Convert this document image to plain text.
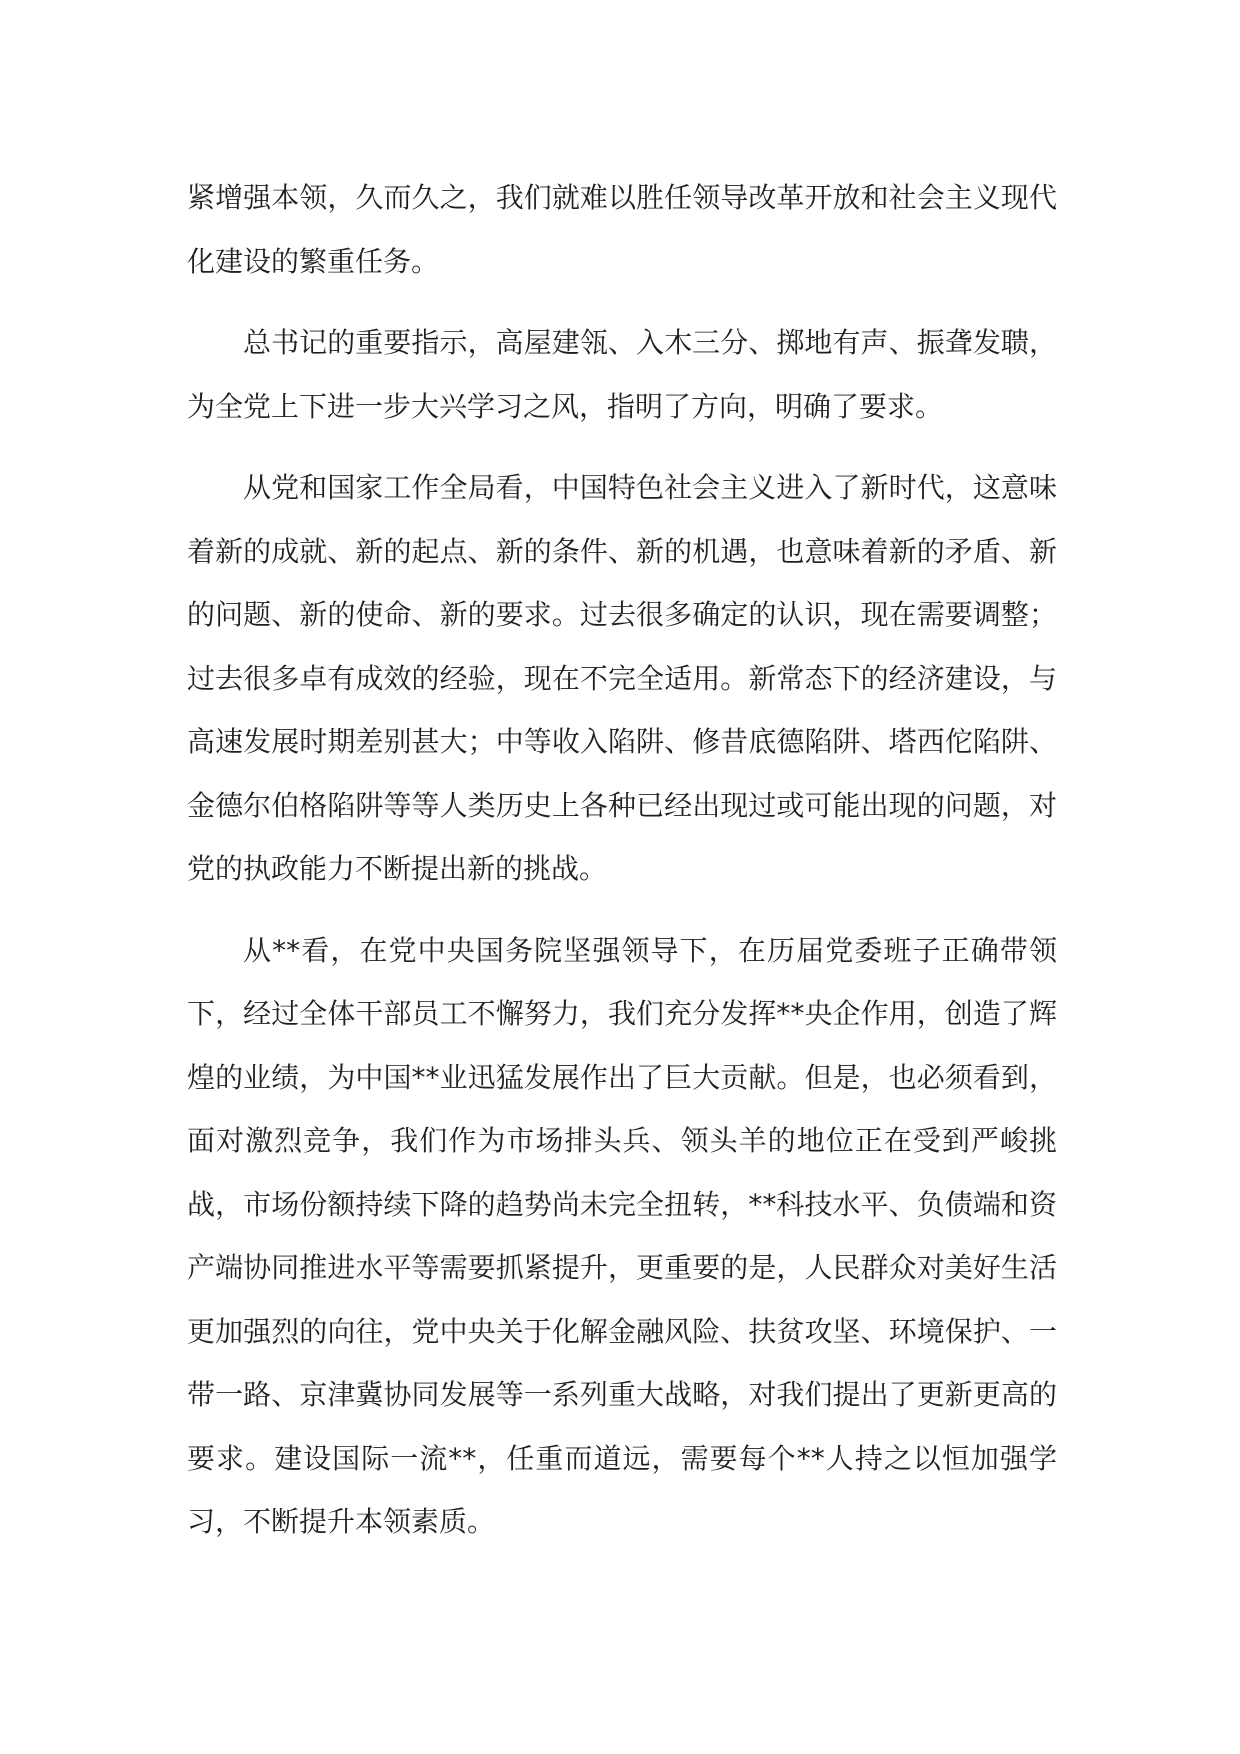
紧增强本领，久而久之，我们就难以胜任领导改革开放和社会主义现代化建设的繁重任务。

总书记的重要指示，高屋建瓴、入木三分、掷地有声、振聋发聩，为全党上下进一步大兴学习之风，指明了方向，明确了要求。

从党和国家工作全局看，中国特色社会主义进入了新时代，这意味着新的成就、新的起点、新的条件、新的机遇，也意味着新的矛盾、新的问题、新的使命、新的要求。过去很多确定的认识，现在需要调整；过去很多卓有成效的经验，现在不完全适用。新常态下的经济建设，与高速发展时期差别甚大；中等收入陷阱、修昔底德陷阱、塔西佗陷阱、金德尔伯格陷阱等等人类历史上各种已经出现过或可能出现的问题，对党的执政能力不断提出新的挑战。

从**看，在党中央国务院坚强领导下，在历届党委班子正确带领下，经过全体干部员工不懈努力，我们充分发挥**央企作用，创造了辉煌的业绩，为中国**业迅猛发展作出了巨大贡献。但是，也必须看到，面对激烈竞争，我们作为市场排头兵、领头羊的地位正在受到严峻挑战，市场份额持续下降的趋势尚未完全扭转，**科技水平、负债端和资产端协同推进水平等需要抓紧提升，更重要的是，人民群众对美好生活更加强烈的向往，党中央关于化解金融风险、扶贫攻坚、环境保护、一带一路、京津冀协同发展等一系列重大战略，对我们提出了更新更高的要求。建设国际一流**，任重而道远，需要每个**人持之以恒加强学习，不断提升本领素质。
